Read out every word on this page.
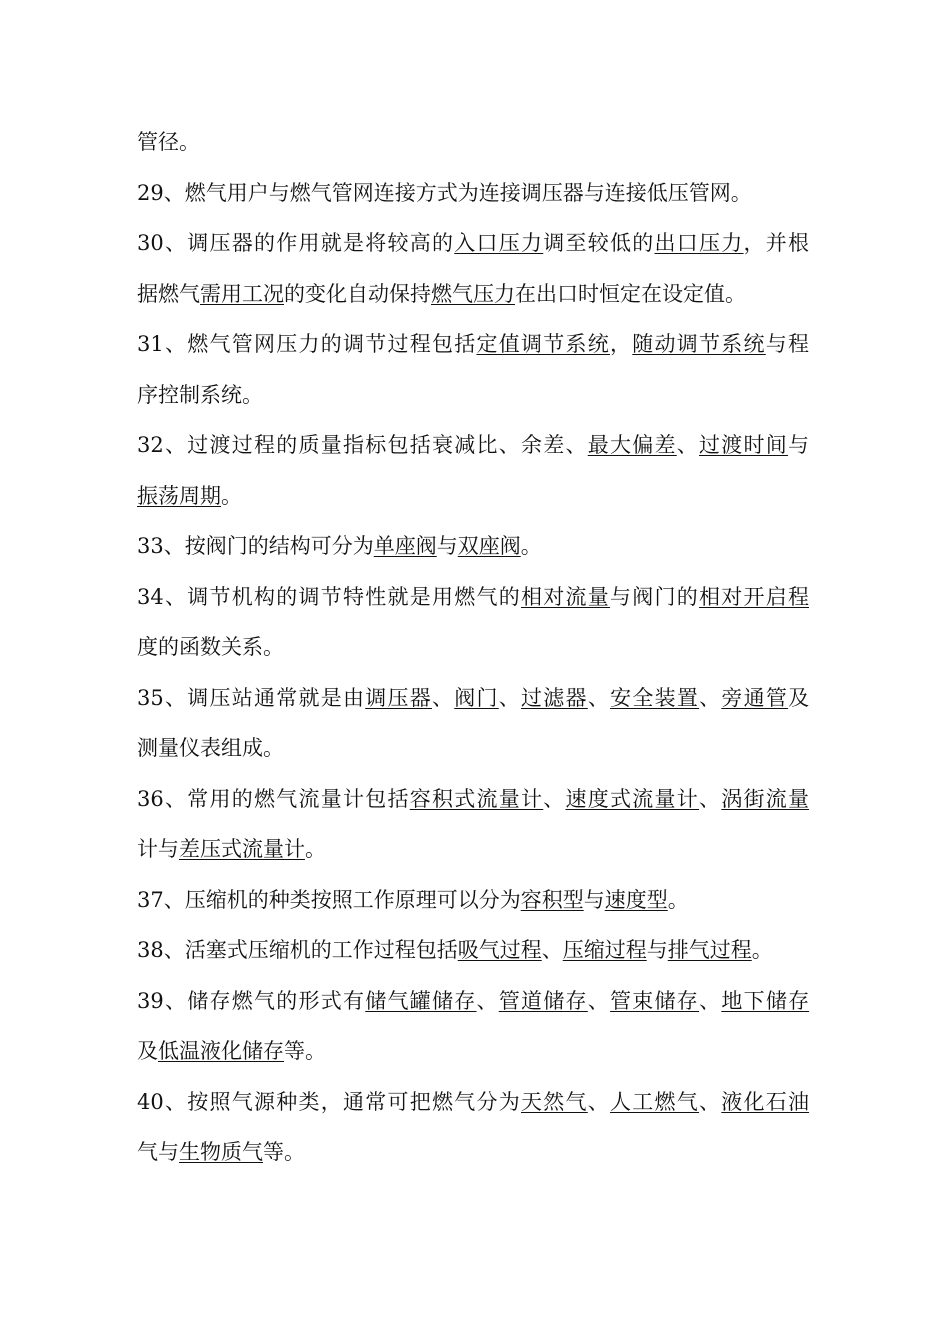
管径。
29、燃气用户与燃气管网连接方式为连接调压器与连接低压管网。
30、调压器的作用就是将较高的入口压力调至较低的出口压力，并根
据燃气需用工况的变化自动保持燃气压力在出口时恒定在设定值。
31、燃气管网压力的调节过程包括定值调节系统，随动调节系统与程
序控制系统。
32、过渡过程的质量指标包括衰减比、余差、最大偏差、过渡时间与
振荡周期。
33、按阀门的结构可分为单座阀与双座阀。
34、调节机构的调节特性就是用燃气的相对流量与阀门的相对开启程
度的函数关系。
35、调压站通常就是由调压器、阀门、过滤器、安全装置、旁通管及
测量仪表组成。
36、常用的燃气流量计包括容积式流量计、速度式流量计、涡街流量
计与差压式流量计。
37、压缩机的种类按照工作原理可以分为容积型与速度型。
38、活塞式压缩机的工作过程包括吸气过程、压缩过程与排气过程。
39、储存燃气的形式有储气罐储存、管道储存、管束储存、地下储存
及低温液化储存等。
40、按照气源种类，通常可把燃气分为天然气、人工燃气、液化石油
气与生物质气等。
